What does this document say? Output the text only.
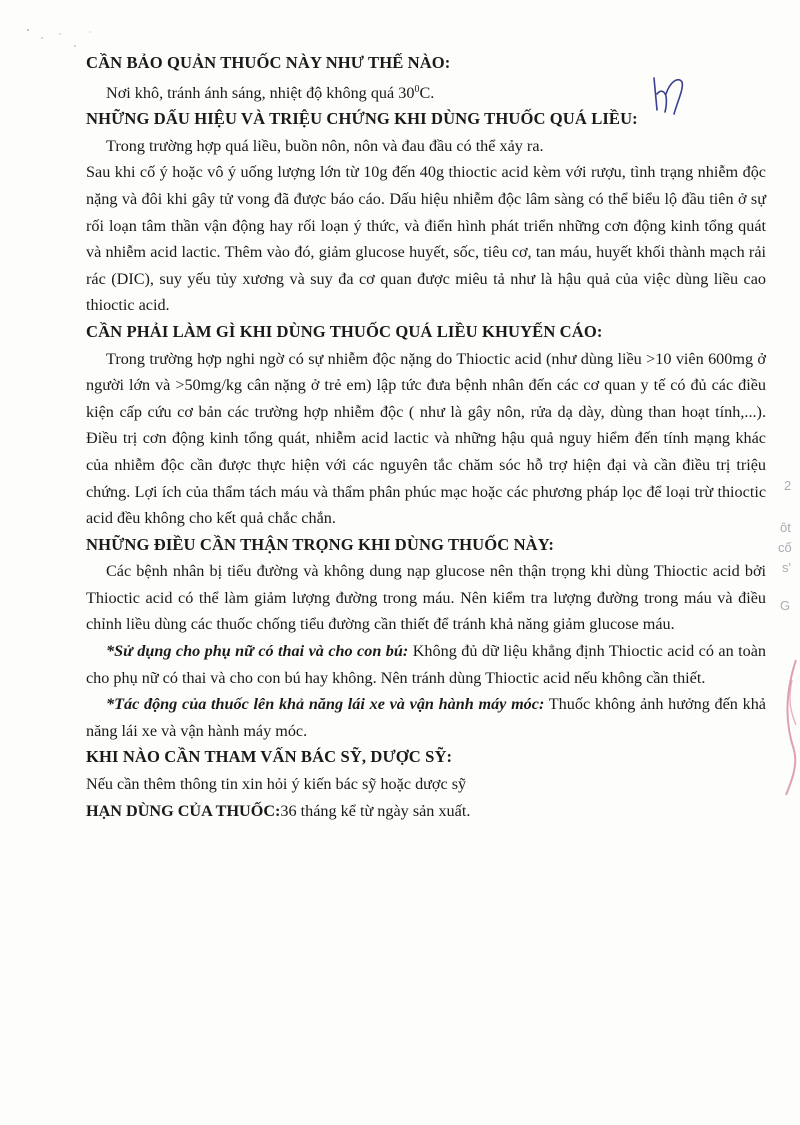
CẦN BẢO QUẢN THUỐC NÀY NHƯ THẾ NÀO:

Nơi khô, tránh ánh sáng, nhiệt độ không quá $30^0C$.

NHỮNG DẤU HIỆU VÀ TRIỆU CHỨNG KHI DÙNG THUỐC QUÁ LIỀU:

Trong trường hợp quá liều, buồn nôn, nôn và đau đầu có thể xảy ra.

Sau khi cố ý hoặc vô ý uống lượng lớn từ 10g đến 40g thioctic acid kèm với rượu, tình trạng nhiễm độc nặng và đôi khi gây tử vong đã được báo cáo. Dấu hiệu nhiễm độc lâm sàng có thể biểu lộ đầu tiên ở sự rối loạn tâm thần vận động hay rối loạn ý thức, và điển hình phát triển những cơn động kinh tổng quát và nhiễm acid lactic. Thêm vào đó, giảm glucose huyết, sốc, tiêu cơ, tan máu, huyết khối thành mạch rải rác (DIC), suy yếu tủy xương và suy đa cơ quan được miêu tả như là hậu quả của việc dùng liều cao thioctic acid.

CẦN PHẢI LÀM GÌ KHI DÙNG THUỐC QUÁ LIỀU KHUYẾN CÁO:

Trong trường hợp nghi ngờ có sự nhiễm độc nặng do Thioctic acid (như dùng liều >10 viên 600mg ở người lớn và >50mg/kg cân nặng ở trẻ em) lập tức đưa bệnh nhân đến các cơ quan y tế có đủ các điều kiện cấp cứu cơ bản các trường hợp nhiễm độc ( như là gây nôn, rửa dạ dày, dùng than hoạt tính,...). Điều trị cơn động kinh tổng quát, nhiễm acid lactic và những hậu quả nguy hiểm đến tính mạng khác của nhiễm độc cần được thực hiện với các nguyên tắc chăm sóc hỗ trợ hiện đại và cần điều trị triệu chứng. Lợi ích của thẩm tách máu và thẩm phân phúc mạc hoặc các phương pháp lọc để loại trừ thioctic acid đều không cho kết quả chắc chắn.

NHỮNG ĐIỀU CẦN THẬN TRỌNG KHI DÙNG THUỐC NÀY:

Các bệnh nhân bị tiểu đường và không dung nạp glucose nên thận trọng khi dùng Thioctic acid bởi Thioctic acid có thể làm giảm lượng đường trong máu. Nên kiểm tra lượng đường trong máu và điều chỉnh liều dùng các thuốc chống tiểu đường cần thiết để tránh khả năng giảm glucose máu.

*Sử dụng cho phụ nữ có thai và cho con bú: Không đủ dữ liệu khẳng định Thioctic acid có an toàn cho phụ nữ có thai và cho con bú hay không. Nên tránh dùng Thioctic acid nếu không cần thiết.

*Tác động của thuốc lên khả năng lái xe và vận hành máy móc: Thuốc không ảnh hưởng đến khả năng lái xe và vận hành máy móc.

KHI NÀO CẦN THAM VẤN BÁC SỸ, DƯỢC SỸ:

Nếu cần thêm thông tin xin hỏi ý kiến bác sỹ hoặc dược sỹ

HẠN DÙNG CỦA THUỐC:36 tháng kể từ ngày sản xuất.

2
ôt
cố
s'
G
